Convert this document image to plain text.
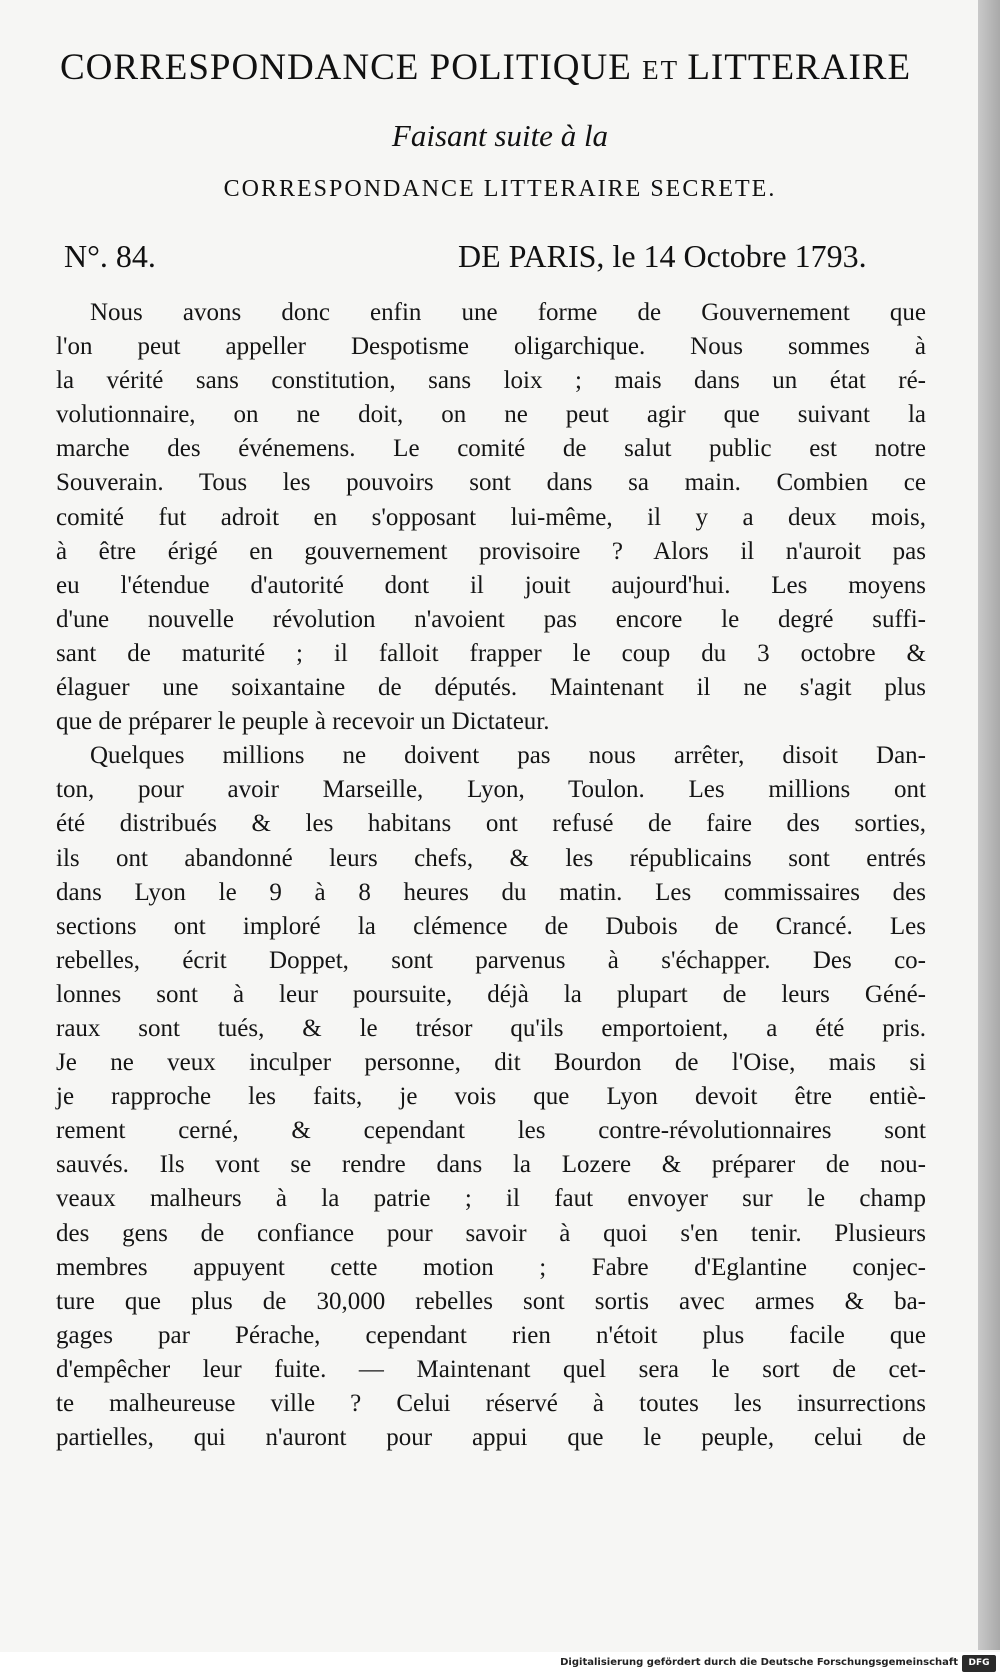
CORRESPONDANCE POLITIQUE ET LITTERAIRE
Faisant suite à la
CORRESPONDANCE LITTERAIRE SECRETE.
N°. 84.	DE PARIS, le 14 Octobre 1793.
Nous avons donc enfin une forme de Gouvernement que
l'on peut appeller Despotisme oligarchique. Nous sommes à
la vérité sans constitution, sans loix ; mais dans un état ré-
volutionnaire, on ne doit, on ne peut agir que suivant la
marche des événemens. Le comité de salut public est notre
Souverain. Tous les pouvoirs sont dans sa main. Combien ce
comité fut adroit en s'opposant lui-même, il y a deux mois,
à être érigé en gouvernement provisoire ? Alors il n'auroit pas
eu l'étendue d'autorité dont il jouit aujourd'hui. Les moyens
d'une nouvelle révolution n'avoient pas encore le degré suffi-
sant de maturité ; il falloit frapper le coup du 3 octobre &
élaguer une soixantaine de députés. Maintenant il ne s'agit plus
que de préparer le peuple à recevoir un Dictateur.
Quelques millions ne doivent pas nous arrêter, disoit Dan-
ton, pour avoir Marseille, Lyon, Toulon. Les millions ont
été distribués & les habitans ont refusé de faire des sorties,
ils ont abandonné leurs chefs, & les républicains sont entrés
dans Lyon le 9 à 8 heures du matin. Les commissaires des
sections ont imploré la clémence de Dubois de Crancé. Les
rebelles, écrit Doppet, sont parvenus à s'échapper. Des co-
lonnes sont à leur poursuite, déjà la plupart de leurs Géné-
raux sont tués, & le trésor qu'ils emportoient, a été pris.
Je ne veux inculper personne, dit Bourdon de l'Oise, mais si
je rapproche les faits, je vois que Lyon devoit être entiè-
rement cerné, & cependant les contre-révolutionnaires sont
sauvés. Ils vont se rendre dans la Lozere & préparer de nou-
veaux malheurs à la patrie ; il faut envoyer sur le champ
des gens de confiance pour savoir à quoi s'en tenir. Plusieurs
membres appuyent cette motion ; Fabre d'Eglantine conjec-
ture que plus de 30,000 rebelles sont sortis avec armes & ba-
gages par Pérache, cependant rien n'étoit plus facile que
d'empêcher leur fuite. — Maintenant quel sera le sort de cet-
te malheureuse ville ? Celui réservé à toutes les insurrections
partielles, qui n'auront pour appui que le peuple, celui de
Digitalisierung gefördert durch die Deutsche Forschungsgemeinschaft	DFG
